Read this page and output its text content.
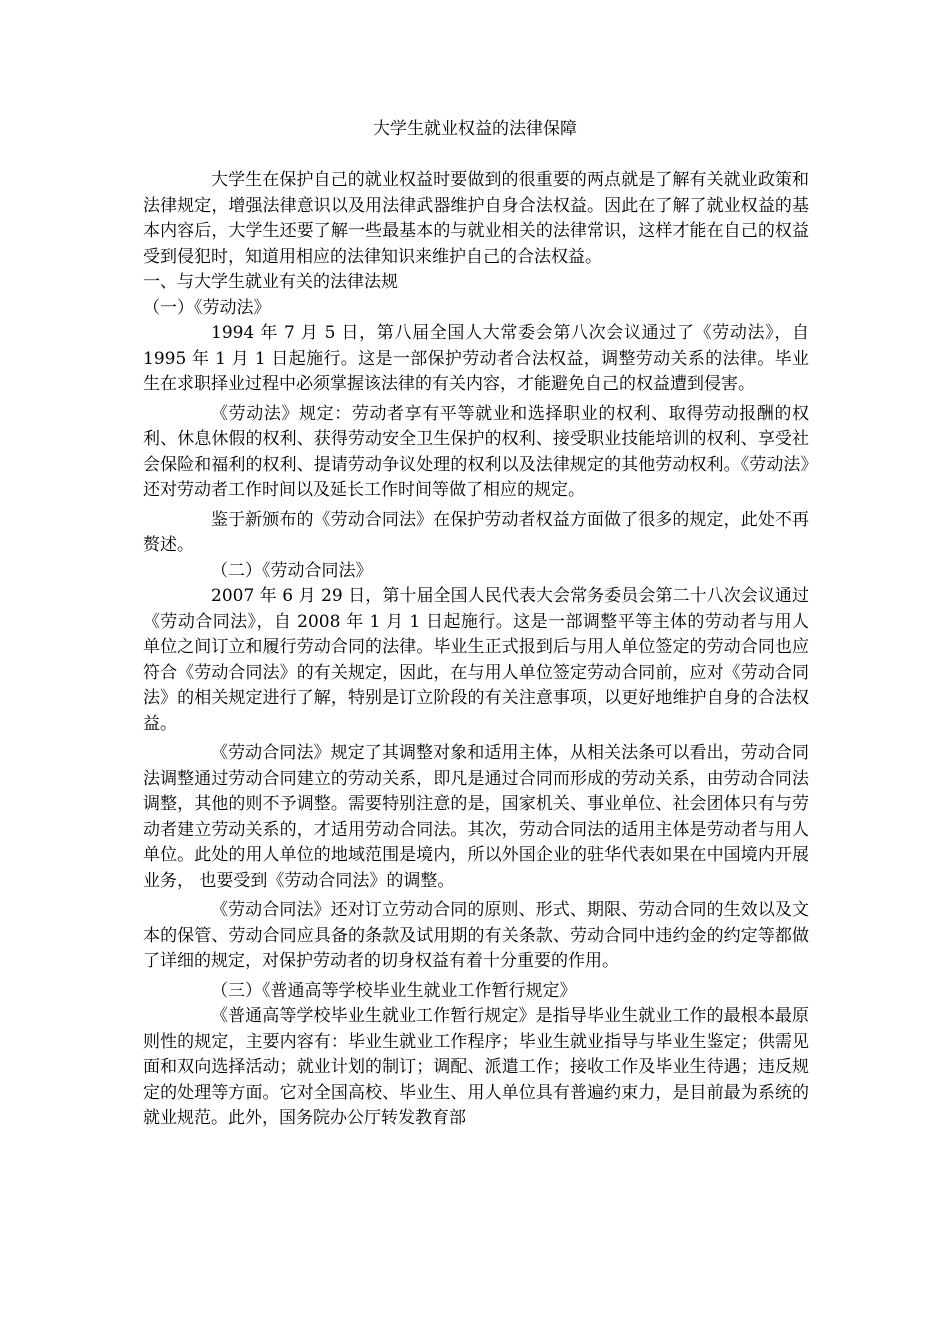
大学生就业权益的法律保障

大学生在保护自己的就业权益时要做到的很重要的两点就是了解有关就业政策和法律规定，增强法律意识以及用法律武器维护自身合法权益。因此在了解了就业权益的基本内容后，大学生还要了解一些最基本的与就业相关的法律常识，这样才能在自己的权益受到侵犯时，知道用相应的法律知识来维护自己的合法权益。

一、与大学生就业有关的法律法规

（一）《劳动法》

1994 年 7 月 5 日，第八届全国人大常委会第八次会议通过了《劳动法》，自 1995 年 1 月 1 日起施行。这是一部保护劳动者合法权益，调整劳动关系的法律。毕业生在求职择业过程中必须掌握该法律的有关内容，才能避免自己的权益遭到侵害。

《劳动法》规定：劳动者享有平等就业和选择职业的权利、取得劳动报酬的权利、休息休假的权利、获得劳动安全卫生保护的权利、接受职业技能培训的权利、享受社会保险和福利的权利、提请劳动争议处理的权利以及法律规定的其他劳动权利。《劳动法》还对劳动者工作时间以及延长工作时间等做了相应的规定。

鉴于新颁布的《劳动合同法》在保护劳动者权益方面做了很多的规定，此处不再赘述。

（二）《劳动合同法》

2007 年 6 月 29 日，第十届全国人民代表大会常务委员会第二十八次会议通过《劳动合同法》，自 2008 年 1 月 1 日起施行。这是一部调整平等主体的劳动者与用人单位之间订立和履行劳动合同的法律。毕业生正式报到后与用人单位签定的劳动合同也应符合《劳动合同法》的有关规定，因此，在与用人单位签定劳动合同前，应对《劳动合同法》的相关规定进行了解，特别是订立阶段的有关注意事项，以更好地维护自身的合法权益。

《劳动合同法》规定了其调整对象和适用主体，从相关法条可以看出，劳动合同法调整通过劳动合同建立的劳动关系，即凡是通过合同而形成的劳动关系，由劳动合同法调整，其他的则不予调整。需要特别注意的是，国家机关、事业单位、社会团体只有与劳动者建立劳动关系的，才适用劳动合同法。其次，劳动合同法的适用主体是劳动者与用人单位。此处的用人单位的地域范围是境内，所以外国企业的驻华代表如果在中国境内开展业务， 也要受到《劳动合同法》的调整。

《劳动合同法》还对订立劳动合同的原则、形式、期限、劳动合同的生效以及文本的保管、劳动合同应具备的条款及试用期的有关条款、劳动合同中违约金的约定等都做了详细的规定，对保护劳动者的切身权益有着十分重要的作用。

（三）《普通高等学校毕业生就业工作暂行规定》

《普通高等学校毕业生就业工作暂行规定》是指导毕业生就业工作的最根本最原则性的规定，主要内容有：毕业生就业工作程序；毕业生就业指导与毕业生鉴定；供需见面和双向选择活动；就业计划的制订；调配、派遣工作；接收工作及毕业生待遇；违反规定的处理等方面。它对全国高校、毕业生、用人单位具有普遍约束力，是目前最为系统的就业规范。此外，国务院办公厅转发教育部
